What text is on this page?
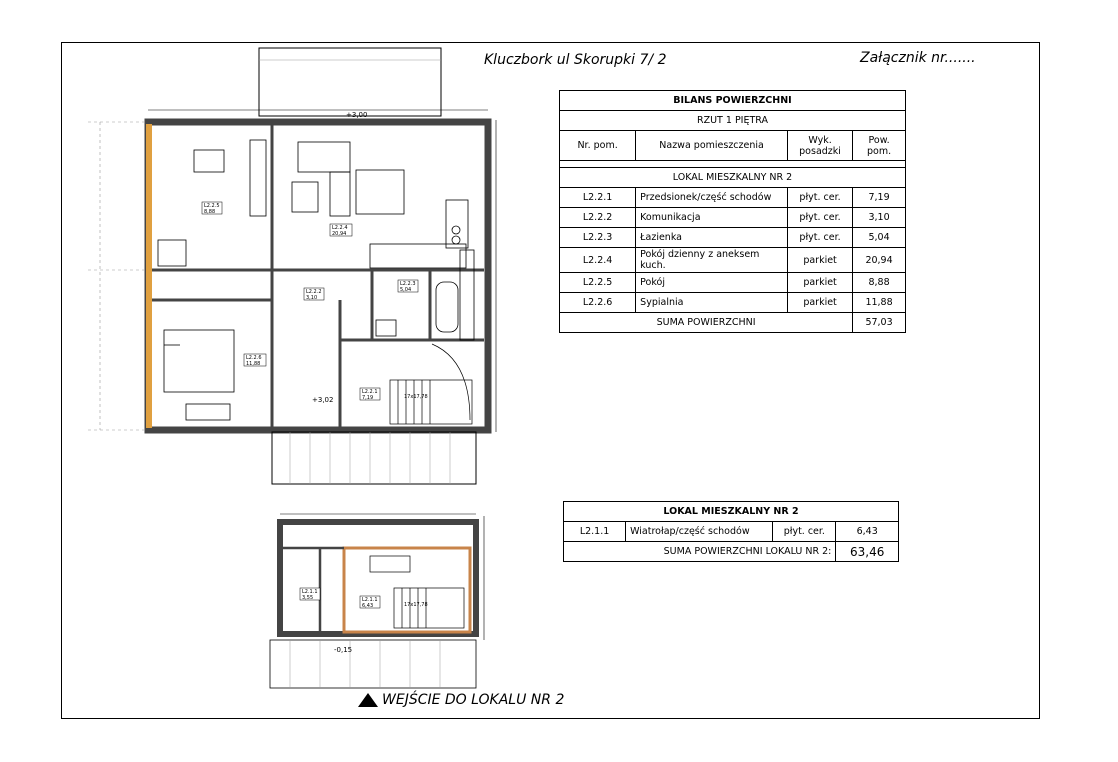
Kluczbork ul Skorupki 7/ 2	Załącznik nr.......
L2.2.5
8,88
L2.2.4
20,94
L2.2.6
11,88
L2.2.2
3,10
L2.2.3
5,04
L2.2.1
7,19
+3,00
+3,02	17x17,78
17x17,78
L2.1.1
6,43
L2.1.1
3,55
-0,15
BILANS POWIERZCHNI			
RZUT 1 PIĘTRA			
Nr. pom.	Nazwa pomieszczenia	Wyk. posadzki	Pow. pom.

LOKAL MIESZKALNY NR 2			
L2.2.1	Przedsionek/część schodów	płyt. cer.	7,19
L2.2.2	Komunikacja	płyt. cer.	3,10
L2.2.3	Łazienka	płyt. cer.	5,04
L2.2.4	Pokój dzienny z aneksem kuch.	parkiet	20,94
L2.2.5	Pokój	parkiet	8,88
L2.2.6	Sypialnia	parkiet	11,88
SUMA POWIERZCHNI			57,03
LOKAL MIESZKALNY NR 2			
L2.1.1	Wiatrołap/część schodów	płyt. cer.	6,43
SUMA POWIERZCHNI LOKALU NR 2:			63,46
WEJŚCIE DO LOKALU NR 2
